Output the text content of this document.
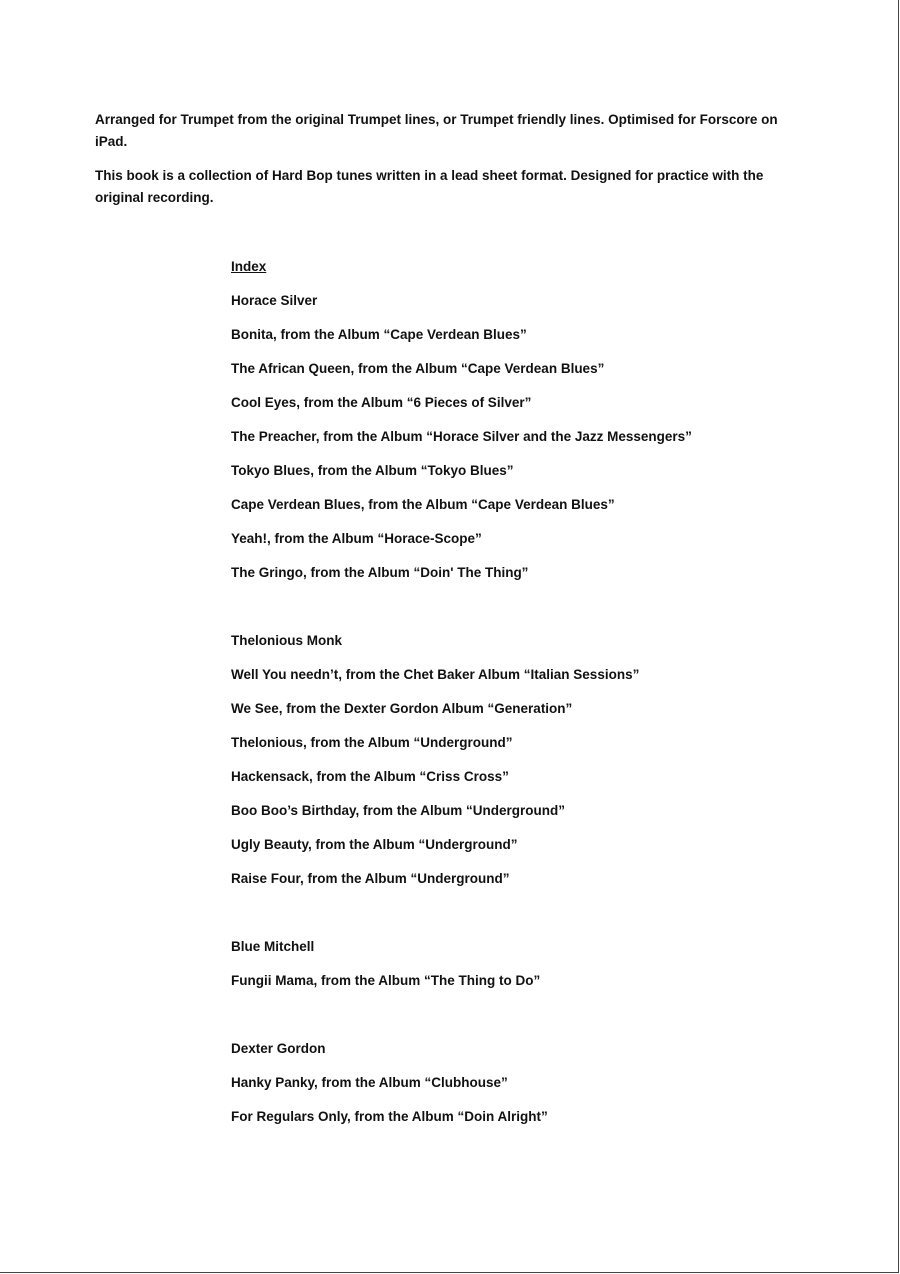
Arranged for Trumpet from the original Trumpet lines, or Trumpet friendly lines. Optimised for Forscore on iPad.

This book is a collection of Hard Bop tunes written in a lead sheet format. Designed for practice with the original recording.

Index
Horace Silver
Bonita, from the Album “Cape Verdean Blues”
The African Queen, from the Album “Cape Verdean Blues”
Cool Eyes, from the Album “6 Pieces of Silver”
The Preacher, from the Album “Horace Silver and the Jazz Messengers”
Tokyo Blues, from the Album “Tokyo Blues”
Cape Verdean Blues, from the Album “Cape Verdean Blues”
Yeah!, from the Album “Horace-Scope”
The Gringo, from the Album “Doin' The Thing”
Thelonious Monk
Well You needn’t, from the Chet Baker Album “Italian Sessions”
We See, from the Dexter Gordon Album “Generation”
Thelonious, from the Album “Underground”
Hackensack, from the Album “Criss Cross”
Boo Boo’s Birthday, from the Album “Underground”
Ugly Beauty, from the Album “Underground”
Raise Four, from the Album “Underground”
Blue Mitchell
Fungii Mama, from the Album “The Thing to Do”
Dexter Gordon
Hanky Panky, from the Album “Clubhouse”
For Regulars Only, from the Album “Doin Alright”
